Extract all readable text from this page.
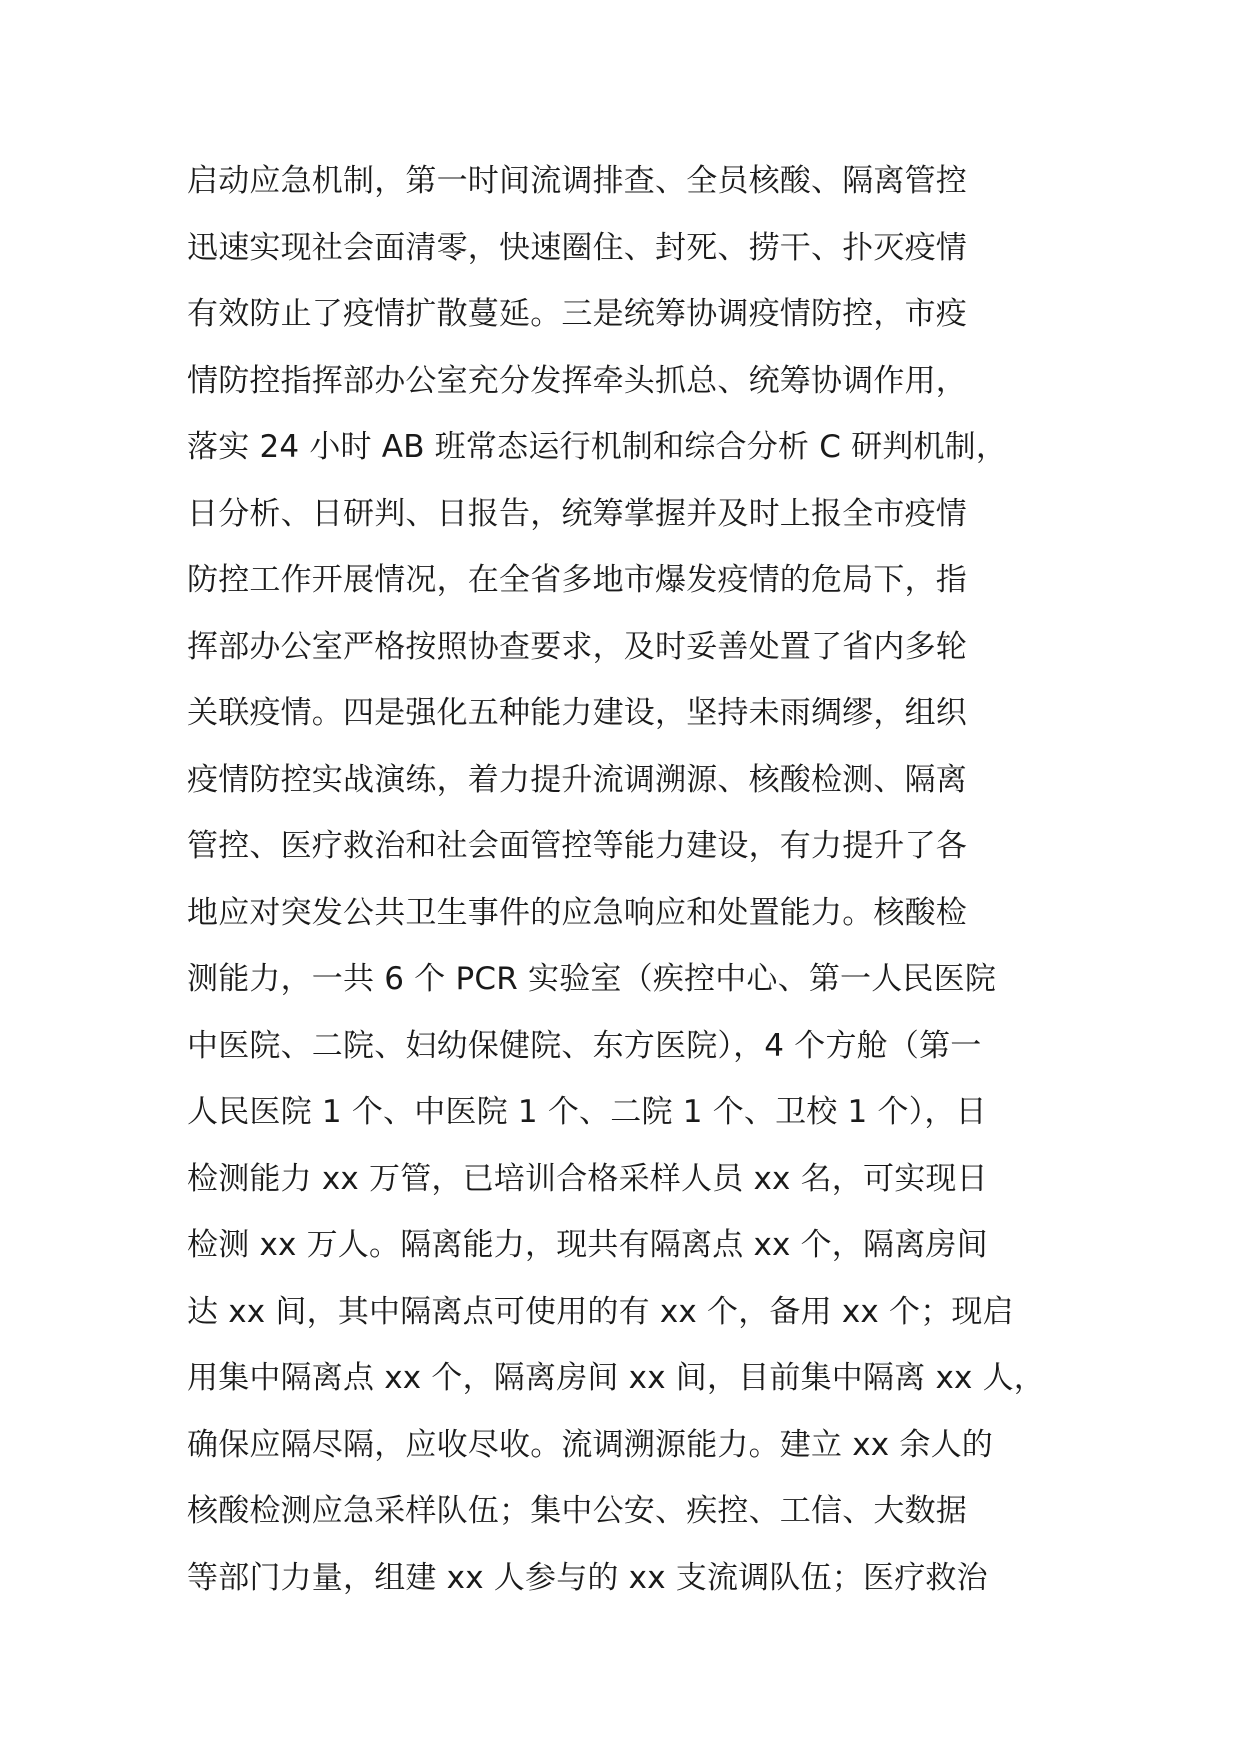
启动应急机制，第一时间流调排查、全员核酸、隔离管控
迅速实现社会面清零，快速圈住、封死、捞干、扑灭疫情
有效防止了疫情扩散蔓延。三是统筹协调疫情防控，市疫
情防控指挥部办公室充分发挥牵头抓总、统筹协调作用，
落实 24 小时 AB 班常态运行机制和综合分析 C 研判机制，
日分析、日研判、日报告，统筹掌握并及时上报全市疫情
防控工作开展情况，在全省多地市爆发疫情的危局下，指
挥部办公室严格按照协查要求，及时妥善处置了省内多轮
关联疫情。四是强化五种能力建设，坚持未雨绸缪，组织
疫情防控实战演练，着力提升流调溯源、核酸检测、隔离
管控、医疗救治和社会面管控等能力建设，有力提升了各
地应对突发公共卫生事件的应急响应和处置能力。核酸检
测能力，一共 6 个 PCR 实验室（疾控中心、第一人民医院
中医院、二院、妇幼保健院、东方医院），4 个方舱（第一
人民医院 1 个、中医院 1 个、二院 1 个、卫校 1 个），日
检测能力 xx 万管，已培训合格采样人员 xx 名，可实现日
检测 xx 万人。隔离能力，现共有隔离点 xx 个，隔离房间
达 xx 间，其中隔离点可使用的有 xx 个，备用 xx 个；现启
用集中隔离点 xx 个，隔离房间 xx 间，目前集中隔离 xx 人，
确保应隔尽隔，应收尽收。流调溯源能力。建立 xx 余人的
核酸检测应急采样队伍；集中公安、疾控、工信、大数据
等部门力量，组建 xx 人参与的 xx 支流调队伍；医疗救治
